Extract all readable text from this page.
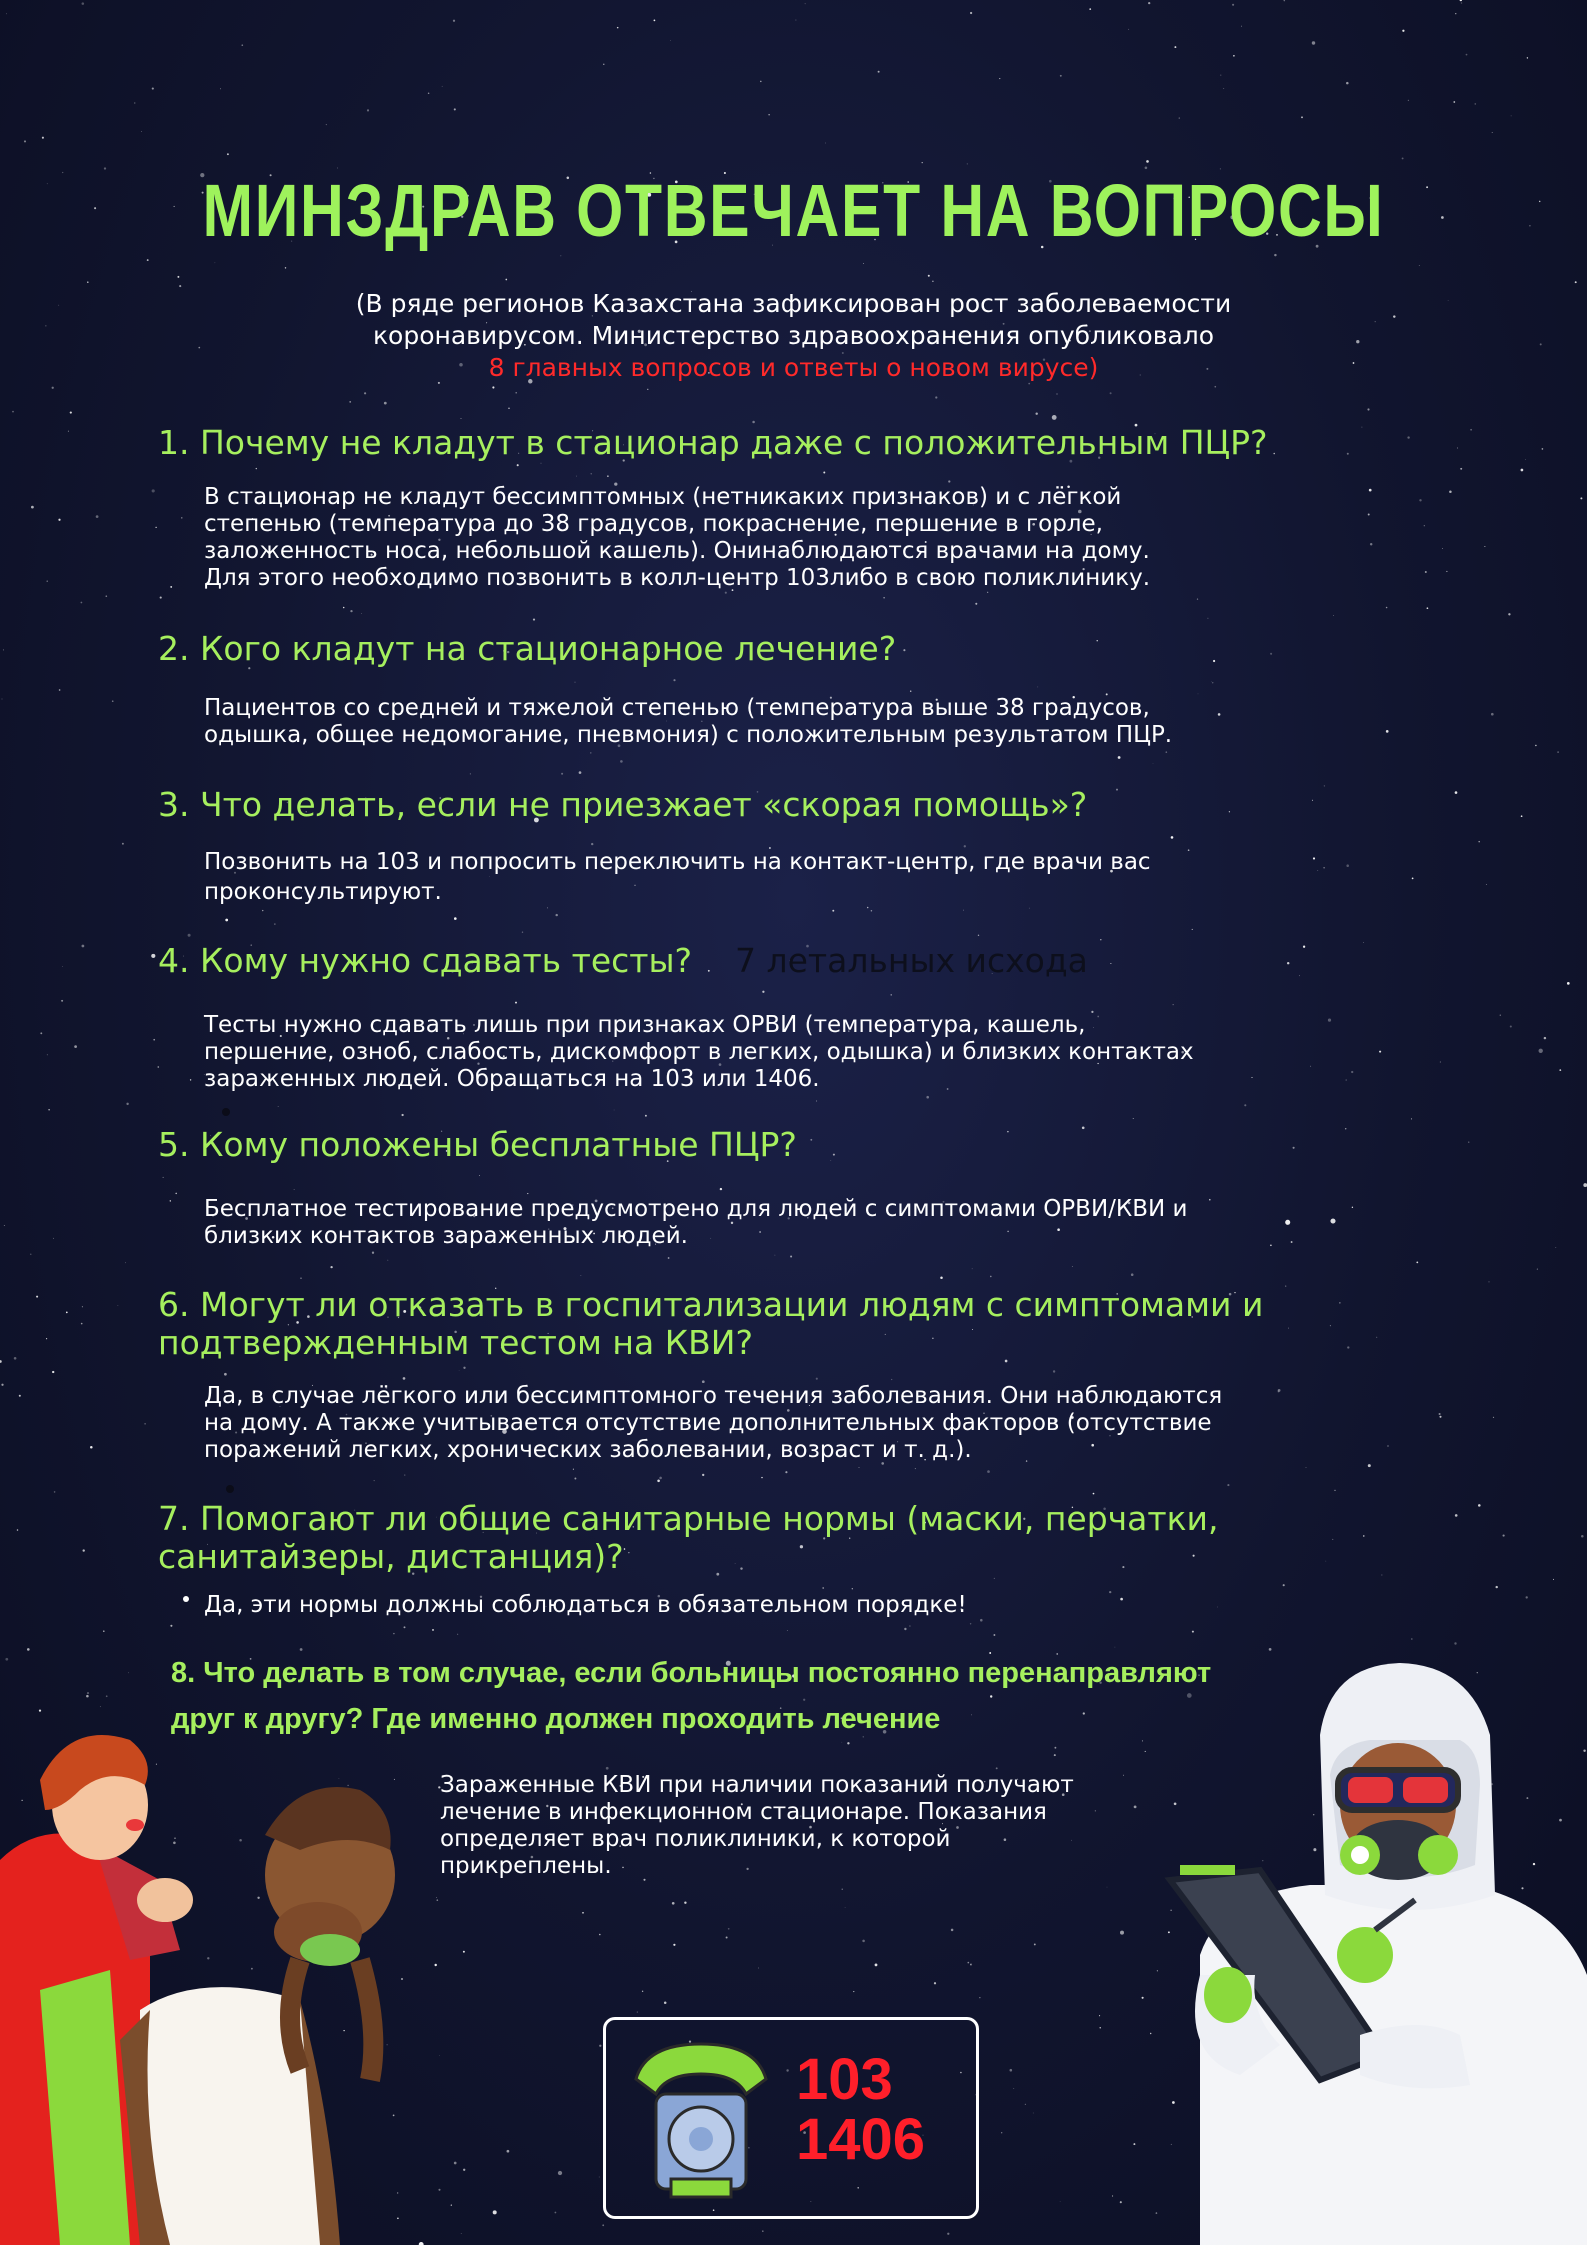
МИНЗДРАВ ОТВЕЧАЕТ НА ВОПРОСЫ
(В ряде регионов Казахстана зафиксирован рост заболеваемости
коронавирусом. Министерство здравоохранения опубликовало
8 главных вопросов и ответы о новом вирусе)
1. Почему не кладут в стационар даже с положительным ПЦР?
В стационар не кладут бессимптомных (нетникаких признаков) и с лёгкой
степенью (температура до 38 градусов, покраснение, першение в горле,
заложенность носа, небольшой кашель). Онинаблюдаются врачами на дому.
Для этого необходимо позвонить в колл-центр 103либо в свою поликлинику.
2. Кого кладут на стационарное лечение?
Пациентов со средней и тяжелой степенью (температура выше 38 градусов,
одышка, общее недомогание, пневмония) с положительным результатом ПЦР.
3. Что делать, если не приезжает «скорая помощь»?
Позвонить на 103 и попросить переключить на контакт-центр, где врачи вас
проконсультируют.
4. Кому нужно сдавать тесты?	7 летальных исхода
Тесты нужно сдавать лишь при признаках ОРВИ (температура, кашель,
першение, озноб, слабость, дискомфорт в легких, одышка) и близких контактах
зараженных людей. Обращаться на 103 или 1406.
5. Кому положены бесплатные ПЦР?
Бесплатное тестирование предусмотрено для людей с симптомами ОРВИ/КВИ и
близких контактов зараженных людей.
6. Могут ли отказать в госпитализации людям с симптомами и
подтвержденным тестом на КВИ?
Да, в случае лёгкого или бессимптомного течения заболевания. Они наблюдаются
на дому. А также учитывается отсутствие дополнительных факторов (отсутствие
поражений легких, хронических заболевании, возраст и т. д.).
7. Помогают ли общие санитарные нормы (маски, перчатки,
санитайзеры, дистанция)?
Да, эти нормы должны соблюдаться в обязательном порядке!
8. Что делать в том случае, если больницы постоянно перенаправляют
друг к другу? Где именно должен проходить лечение
Зараженные КВИ при наличии показаний получают
лечение в инфекционном стационаре. Показания
определяет врач поликлиники, к которой
прикреплены.
103
1406
